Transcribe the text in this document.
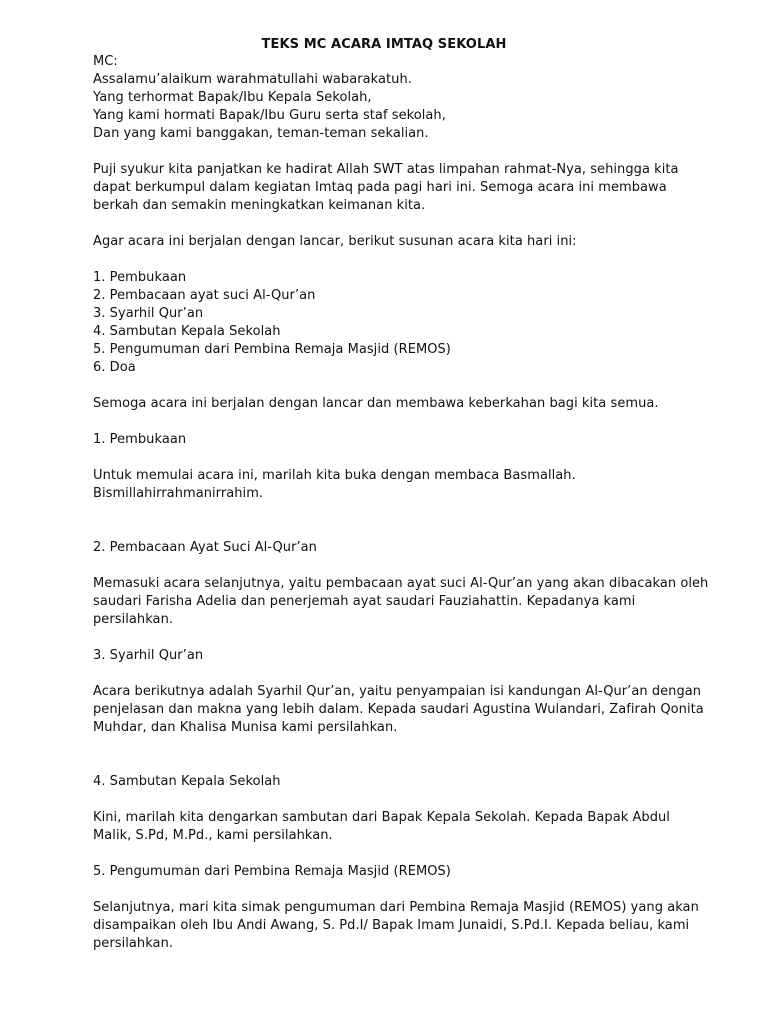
TEKS MC ACARA IMTAQ SEKOLAH
MC:
Assalamu’alaikum warahmatullahi wabarakatuh.
Yang terhormat Bapak/Ibu Kepala Sekolah,
Yang kami hormati Bapak/Ibu Guru serta staf sekolah,
Dan yang kami banggakan, teman-teman sekalian.
Puji syukur kita panjatkan ke hadirat Allah SWT atas limpahan rahmat-Nya, sehingga kita
dapat berkumpul dalam kegiatan Imtaq pada pagi hari ini. Semoga acara ini membawa
berkah dan semakin meningkatkan keimanan kita.
Agar acara ini berjalan dengan lancar, berikut susunan acara kita hari ini:
1. Pembukaan
2. Pembacaan ayat suci Al-Qur’an
3. Syarhil Qur’an
4. Sambutan Kepala Sekolah
5. Pengumuman dari Pembina Remaja Masjid (REMOS)
6. Doa
Semoga acara ini berjalan dengan lancar dan membawa keberkahan bagi kita semua.
1. Pembukaan
Untuk memulai acara ini, marilah kita buka dengan membaca Basmallah.
Bismillahirrahmanirrahim.
2. Pembacaan Ayat Suci Al-Qur’an
Memasuki acara selanjutnya, yaitu pembacaan ayat suci Al-Qur’an yang akan dibacakan oleh
saudari Farisha Adelia dan penerjemah ayat saudari Fauziahattin. Kepadanya kami
persilahkan.
3. Syarhil Qur’an
Acara berikutnya adalah Syarhil Qur’an, yaitu penyampaian isi kandungan Al-Qur’an dengan
penjelasan dan makna yang lebih dalam. Kepada saudari Agustina Wulandari, Zafirah Qonita
Muhdar, dan Khalisa Munisa kami persilahkan.
4. Sambutan Kepala Sekolah
Kini, marilah kita dengarkan sambutan dari Bapak Kepala Sekolah. Kepada Bapak Abdul
Malik, S.Pd, M.Pd., kami persilahkan.
5. Pengumuman dari Pembina Remaja Masjid (REMOS)
Selanjutnya, mari kita simak pengumuman dari Pembina Remaja Masjid (REMOS) yang akan
disampaikan oleh Ibu Andi Awang, S. Pd.I/ Bapak Imam Junaidi, S.Pd.I. Kepada beliau, kami
persilahkan.
